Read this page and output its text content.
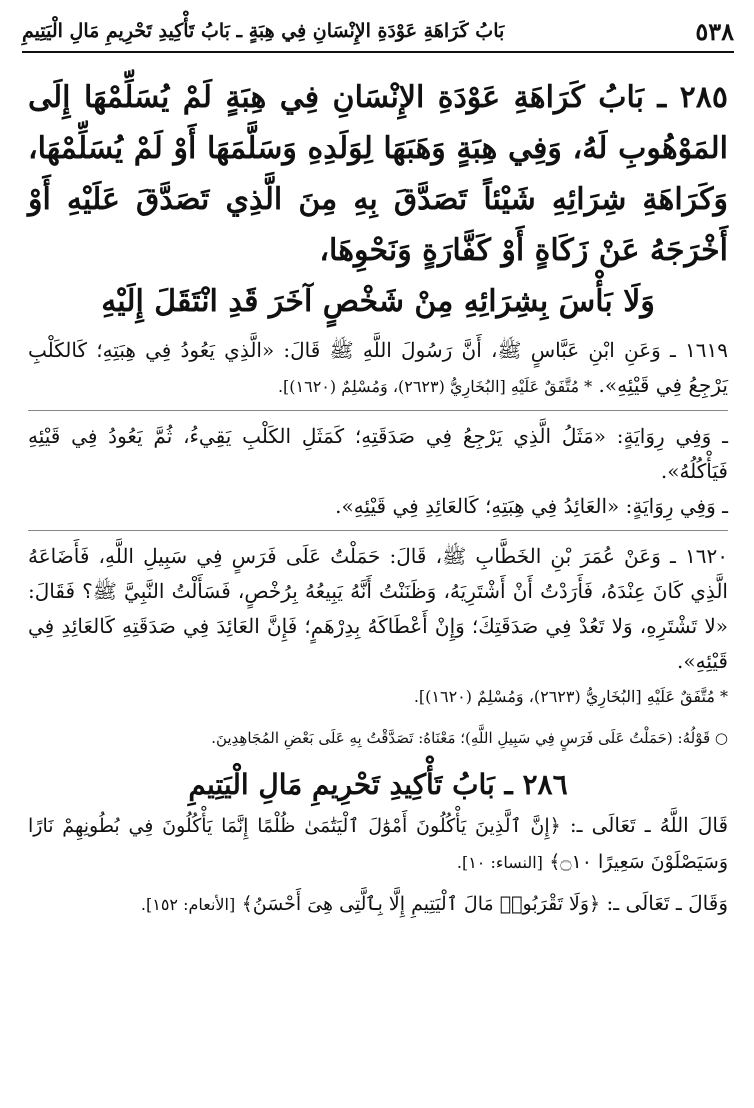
٥٣٨
بَابُ كَرَاهَةِ عَوْدَةِ الإِنْسَانِ فِي هِبَةٍ ـ بَابُ تَأْكِيدِ تَحْرِيمِ مَالِ الْيَتِيمِ
٢٨٥ ـ بَابُ كَرَاهَةِ عَوْدَةِ الإِنْسَانِ فِي هِبَةٍ لَمْ يُسَلِّمْهَا إِلَى المَوْهُوبِ لَهُ، وَفِي هِبَةٍ وَهَبَهَا لِوَلَدِهِ وَسَلَّمَهَا أَوْ لَمْ يُسَلِّمْهَا، وَكَرَاهَةِ شِرَائِهِ شَيْئاً تَصَدَّقَ بِهِ مِنَ الَّذِي تَصَدَّقَ عَلَيْهِ أَوْ أَخْرَجَهُ عَنْ زَكَاةٍ أَوْ كَفَّارَةٍ وَنَحْوِهَا،
وَلَا بَأْسَ بِشِرَائِهِ مِنْ شَخْصٍ آخَرَ قَدِ انْتَقَلَ إِلَيْهِ

١٦١٩ ـ وَعَنِ ابْنِ عَبَّاسٍ ﷺ، أَنَّ رَسُولَ اللَّهِ ﷺ قَالَ: «الَّذِي يَعُودُ فِي هِبَتِهِ؛ كَالكَلْبِ يَرْجِعُ فِي قَيْئِهِ». * مُتَّفَقٌ عَلَيْهِ [البُخَارِيُّ (٢٦٢٣)، وَمُسْلِمٌ (١٦٢٠)].

ـ وَفِي رِوَايَةٍ: «مَثَلُ الَّذِي يَرْجِعُ فِي صَدَقَتِهِ؛ كَمَثَلِ الكَلْبِ يَقِيءُ، ثُمَّ يَعُودُ فِي قَيْئِهِ فَيَأْكُلُهُ».

ـ وَفِي رِوَايَةٍ: «العَائِدُ فِي هِبَتِهِ؛ كَالعَائِدِ فِي قَيْئِهِ».

١٦٢٠ ـ وَعَنْ عُمَرَ بْنِ الخَطَّابِ ﷺ، قَالَ: حَمَلْتُ عَلَى فَرَسٍ فِي سَبِيلِ اللَّهِ، فَأَضَاعَهُ الَّذِي كَانَ عِنْدَهُ، فَأَرَدْتُ أَنْ أَشْتَرِيَهُ، وَظَنَنْتُ أَنَّهُ يَبِيعُهُ بِرُخْصٍ، فَسَأَلْتُ النَّبِيَّ ﷺ؟ فَقَالَ: «لا تَشْتَرِهِ، وَلا تَعُدْ فِي صَدَقَتِكَ؛ وَإِنْ أَعْطَاكَهُ بِدِرْهَمٍ؛ فَإِنَّ العَائِدَ فِي صَدَقَتِهِ كَالعَائِدِ فِي قَيْئِهِ».

* مُتَّفَقٌ عَلَيْهِ [البُخَارِيُّ (٢٦٢٣)، وَمُسْلِمٌ (١٦٢٠)].

○ قَوْلُهُ: (حَمَلْتُ عَلَى فَرَسٍ فِي سَبِيلِ اللَّهِ)؛ مَعْنَاهُ: تَصَدَّقْتُ بِهِ عَلَى بَعْضِ المُجَاهِدِينَ.

٢٨٦ ـ بَابُ تَأْكِيدِ تَحْرِيمِ مَالِ الْيَتِيمِ

قَالَ اللَّهُ ـ تَعَالَى ـ: ﴿إِنَّ ٱلَّذِينَ يَأْكُلُونَ أَمْوَٰلَ ٱلْيَتَٰمَىٰ ظُلْمًا إِنَّمَا يَأْكُلُونَ فِي بُطُونِهِمْ نَارًا وَسَيَصْلَوْنَ سَعِيرًا ۝١٠﴾ [النساء: ١٠].

وَقَالَ ـ تَعَالَى ـ: ﴿وَلَا تَقْرَبُوا۟ مَالَ ٱلْيَتِيمِ إِلَّا بِٱلَّتِى هِىَ أَحْسَنُ﴾ [الأنعام: ١٥٢].
